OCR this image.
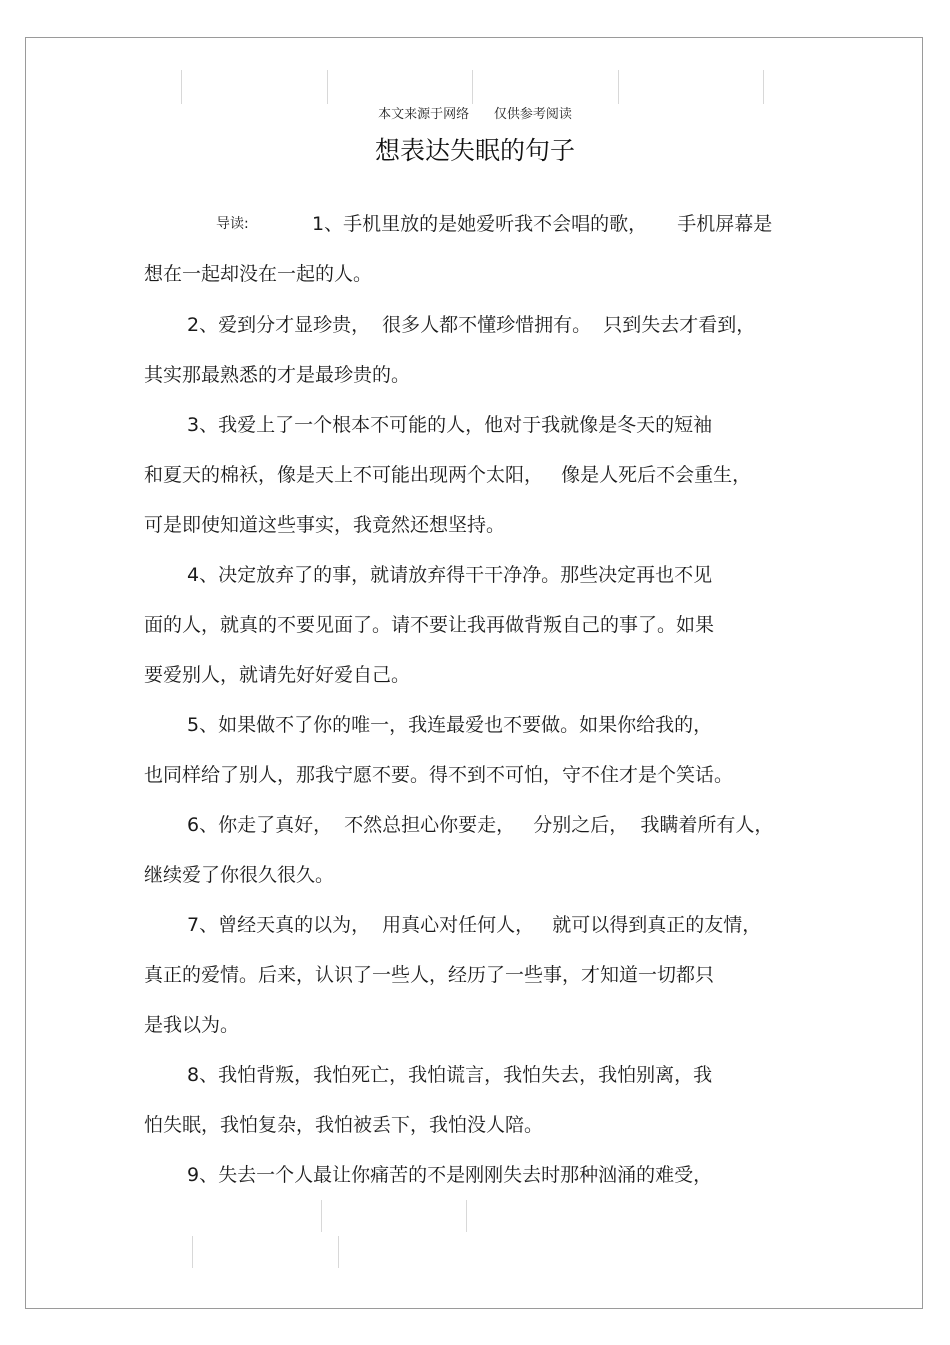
本文来源于网络      仅供参考阅读
想表达失眠的句子
导读:	1、手机里放的是她爱听我不会唱的歌，     手机屏幕是
想在一起却没在一起的人。
2、爱到分才显珍贵，  很多人都不懂珍惜拥有。  只到失去才看到，
其实那最熟悉的才是最珍贵的。
3、我爱上了一个根本不可能的人，他对于我就像是冬天的短袖
和夏天的棉袄，像是天上不可能出现两个太阳，   像是人死后不会重生，
可是即使知道这些事实，我竟然还想坚持。
4、决定放弃了的事，就请放弃得干干净净。那些决定再也不见
面的人，就真的不要见面了。请不要让我再做背叛自己的事了。如果
要爱别人，就请先好好爱自己。
5、如果做不了你的唯一，我连最爱也不要做。如果你给我的，
也同样给了别人，那我宁愿不要。得不到不可怕，守不住才是个笑话。
6、你走了真好，  不然总担心你要走，   分别之后，  我瞒着所有人，
继续爱了你很久很久。
7、曾经天真的以为，  用真心对任何人，   就可以得到真正的友情，
真正的爱情。后来，认识了一些人，经历了一些事，才知道一切都只
是我以为。
8、我怕背叛，我怕死亡，我怕谎言，我怕失去，我怕别离，我
怕失眠，我怕复杂，我怕被丢下，我怕没人陪。
9、失去一个人最让你痛苦的不是刚刚失去时那种汹涌的难受，
